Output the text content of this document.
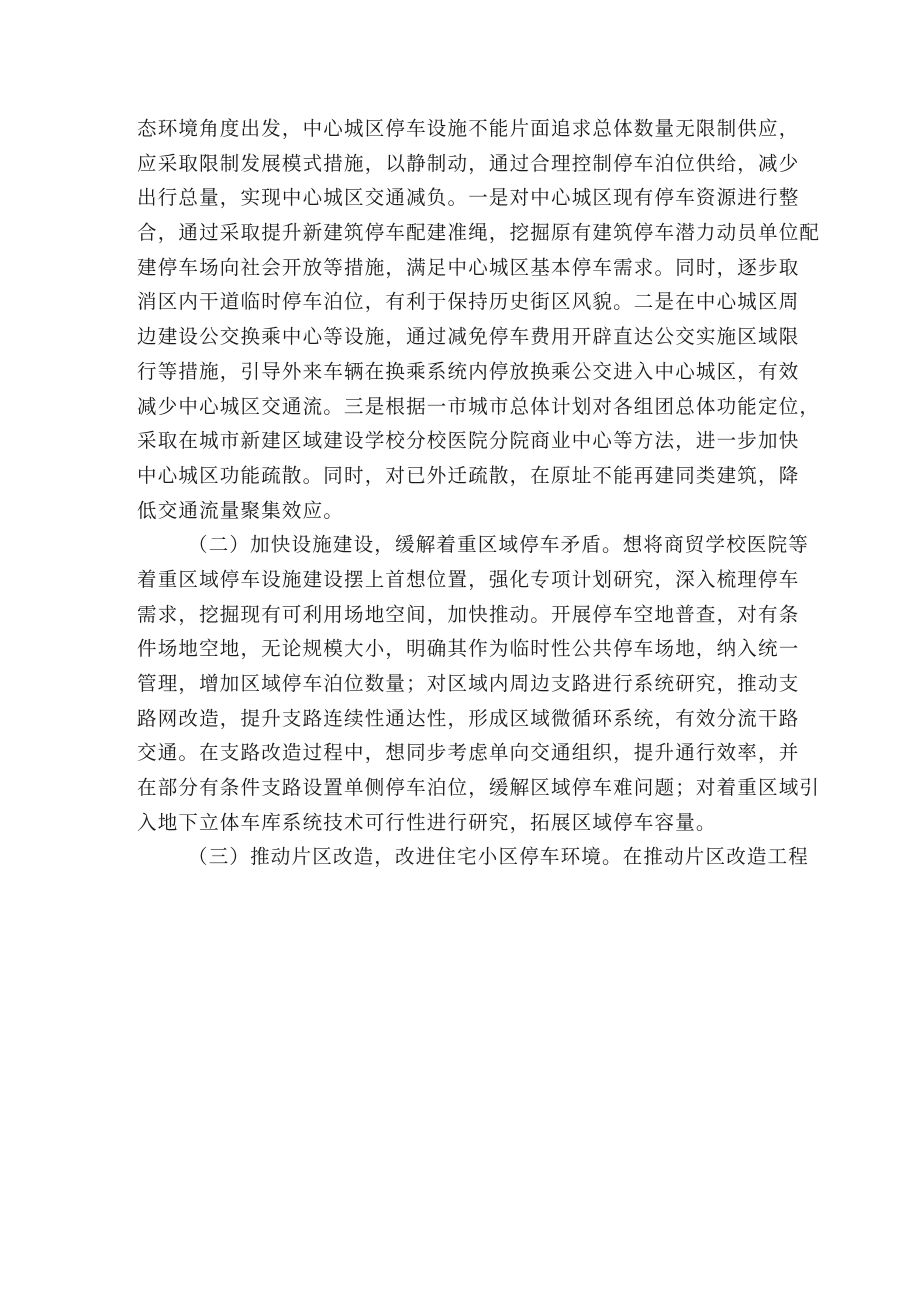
态环境角度出发，中心城区停车设施不能片面追求总体数量无限制供应，
应采取限制发展模式措施，以静制动，通过合理控制停车泊位供给，减少
出行总量，实现中心城区交通减负。一是对中心城区现有停车资源进行整
合，通过采取提升新建筑停车配建准绳，挖掘原有建筑停车潜力动员单位配
建停车场向社会开放等措施，满足中心城区基本停车需求。同时，逐步取
消区内干道临时停车泊位，有利于保持历史街区风貌。二是在中心城区周
边建设公交换乘中心等设施，通过减免停车费用开辟直达公交实施区域限
行等措施，引导外来车辆在换乘系统内停放换乘公交进入中心城区，有效
减少中心城区交通流。三是根据一市城市总体计划对各组团总体功能定位，
采取在城市新建区域建设学校分校医院分院商业中心等方法，进一步加快
中心城区功能疏散。同时，对已外迁疏散，在原址不能再建同类建筑，降
低交通流量聚集效应。
（二）加快设施建设，缓解着重区域停车矛盾。想将商贸学校医院等
着重区域停车设施建设摆上首想位置，强化专项计划研究，深入梳理停车
需求，挖掘现有可利用场地空间，加快推动。开展停车空地普查，对有条
件场地空地，无论规模大小，明确其作为临时性公共停车场地，纳入统一
管理，增加区域停车泊位数量；对区域内周边支路进行系统研究，推动支
路网改造，提升支路连续性通达性，形成区域微循环系统，有效分流干路
交通。在支路改造过程中，想同步考虑单向交通组织，提升通行效率，并
在部分有条件支路设置单侧停车泊位，缓解区域停车难问题；对着重区域引
入地下立体车库系统技术可行性进行研究，拓展区域停车容量。
（三）推动片区改造，改进住宅小区停车环境。在推动片区改造工程
